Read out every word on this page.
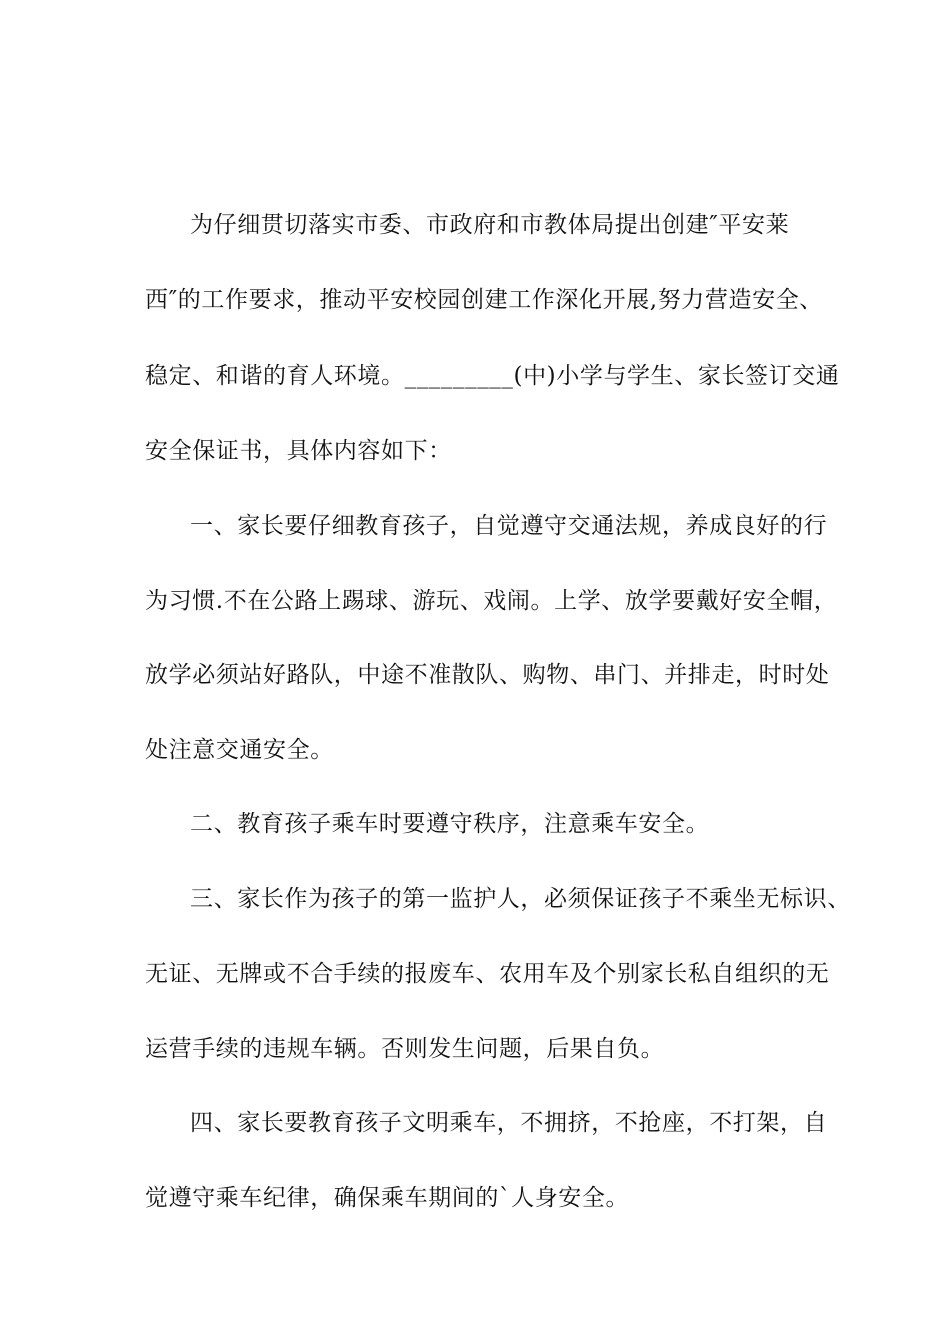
为仔细贯切落实市委、市政府和市教体局提出创建″平安莱
西″的工作要求，推动平安校园创建工作深化开展,努力营造安全、
稳定、和谐的育人环境。_________(中)小学与学生、家长签订交通
安全保证书，具体内容如下：
一、家长要仔细教育孩子，自觉遵守交通法规，养成良好的行
为习惯.不在公路上踢球、游玩、戏闹。上学、放学要戴好安全帽，
放学必须站好路队，中途不准散队、购物、串门、并排走，时时处
处注意交通安全。
二、教育孩子乘车时要遵守秩序，注意乘车安全。
三、家长作为孩子的第一监护人，必须保证孩子不乘坐无标识、
无证、无牌或不合手续的报废车、农用车及个别家长私自组织的无
运营手续的违规车辆。否则发生问题，后果自负。
四、家长要教育孩子文明乘车，不拥挤，不抢座，不打架，自
觉遵守乘车纪律，确保乘车期间的`人身安全。
